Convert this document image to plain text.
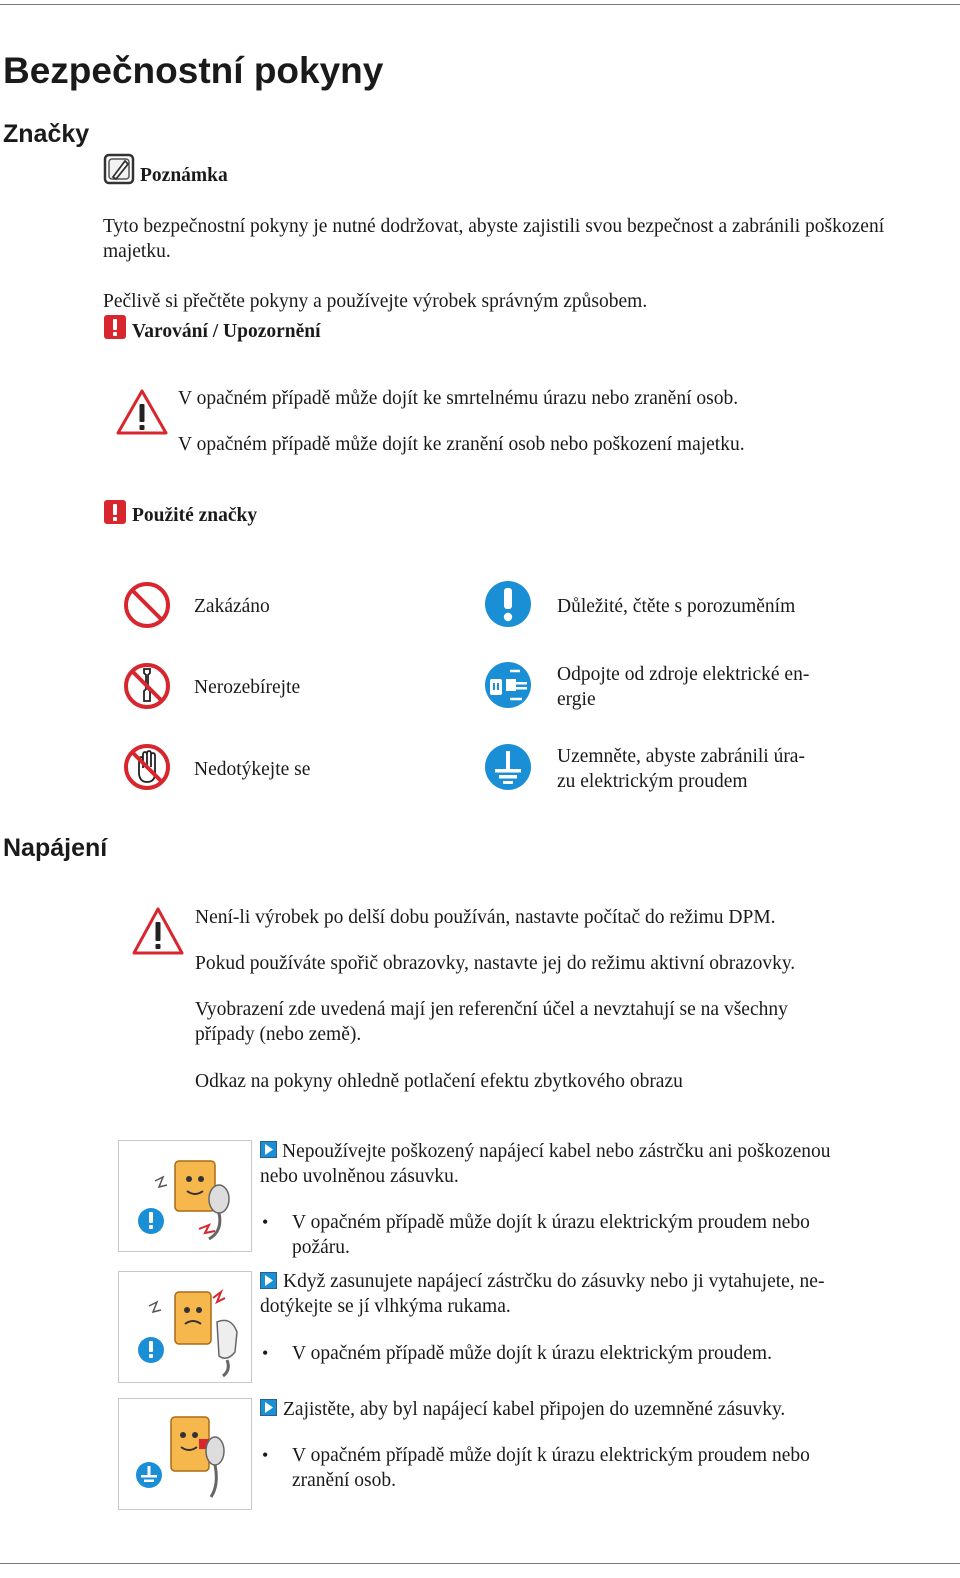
Bezpečnostní pokyny
Značky
Poznámka
Tyto bezpečnostní pokyny je nutné dodržovat, abyste zajistili svou bezpečnost a zabránili poškození
majetku.
Pečlivě si přečtěte pokyny a používejte výrobek správným způsobem.
Varování / Upozornění
V opačném případě může dojít ke smrtelnému úrazu nebo zranění osob.
V opačném případě může dojít ke zranění osob nebo poškození majetku.
Použité značky
Zakázáno	Důležité, čtěte s porozuměním
Nerozebírejte
Odpojte od zdroje elektrické en-
ergie
Nedotýkejte se
Uzemněte, abyste zabránili úra-
zu elektrickým proudem
Napájení
Není-li výrobek po delší dobu používán, nastavte počítač do režimu DPM.
Pokud používáte spořič obrazovky, nastavte jej do režimu aktivní obrazovky.
Vyobrazení zde uvedená mají jen referenční účel a nevztahují se na všechny
případy (nebo země).
Odkaz na pokyny ohledně potlačení efektu zbytkového obrazu
Nepoužívejte poškozený napájecí kabel nebo zástrčku ani poškozenou
nebo uvolněnou zásuvku.
• V opačném případě může dojít k úrazu elektrickým proudem nebo
požáru.
Když zasunujete napájecí zástrčku do zásuvky nebo ji vytahujete, ne-
dotýkejte se jí vlhkýma rukama.
• V opačném případě může dojít k úrazu elektrickým proudem.
Zajistěte, aby byl napájecí kabel připojen do uzemněné zásuvky.
• V opačném případě může dojít k úrazu elektrickým proudem nebo
zranění osob.
